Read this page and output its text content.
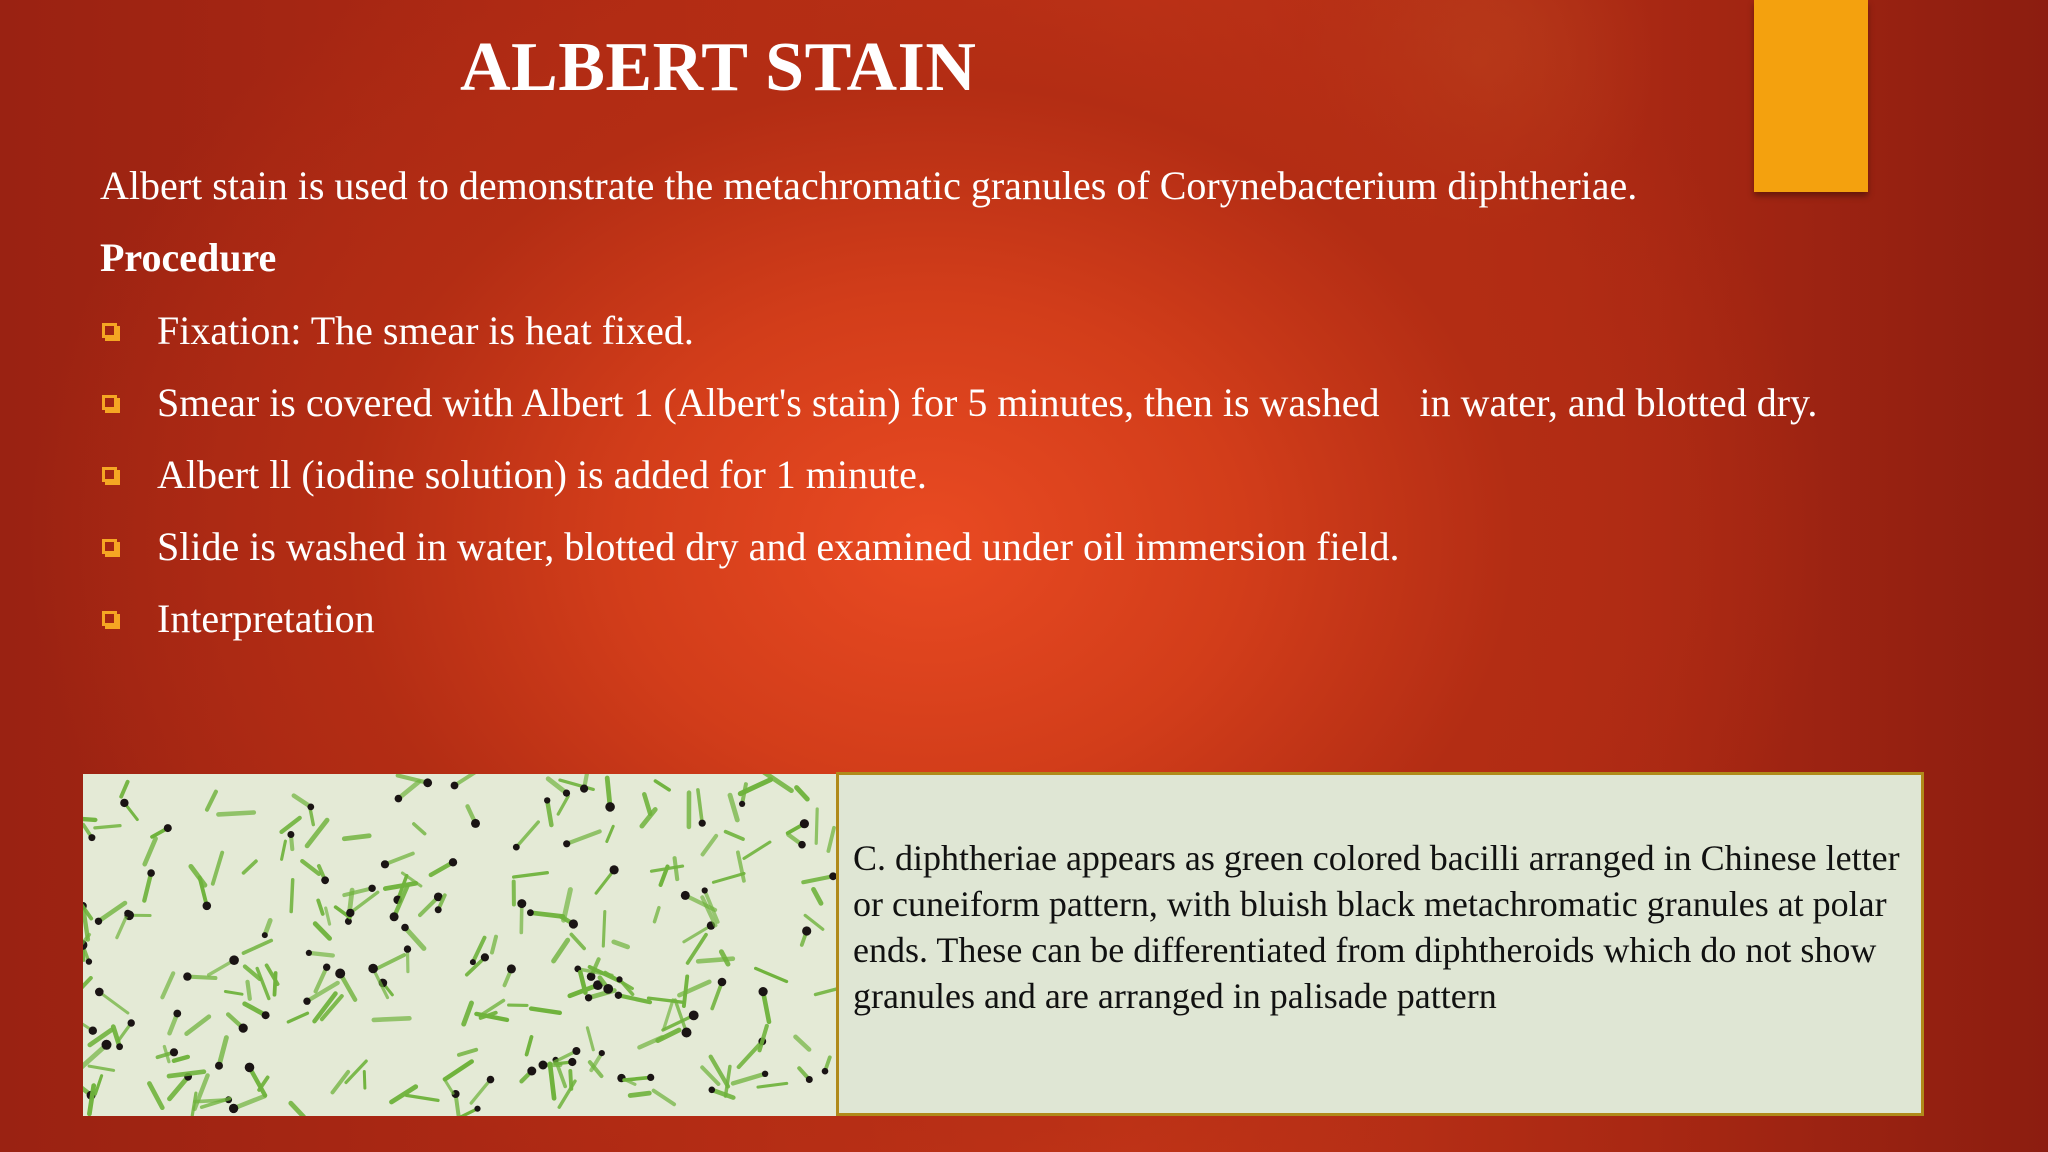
ALBERT STAIN
Albert stain is used to demonstrate the metachromatic granules of Corynebacterium diphtheriae.
Procedure
Fixation: The smear is heat fixed.
Smear is covered with Albert 1 (Albert's stain) for 5 minutes, then is washed    in water, and blotted dry.
Albert ll (iodine solution) is added for 1 minute.
Slide is washed in water, blotted dry and examined under oil immersion field.
Interpretation
C. diphtheriae appears as green colored bacilli arranged in Chinese letter or cuneiform pattern, with bluish black metachromatic granules at polar ends. These can be differentiated from diphtheroids which do not show granules and are arranged in palisade pattern
